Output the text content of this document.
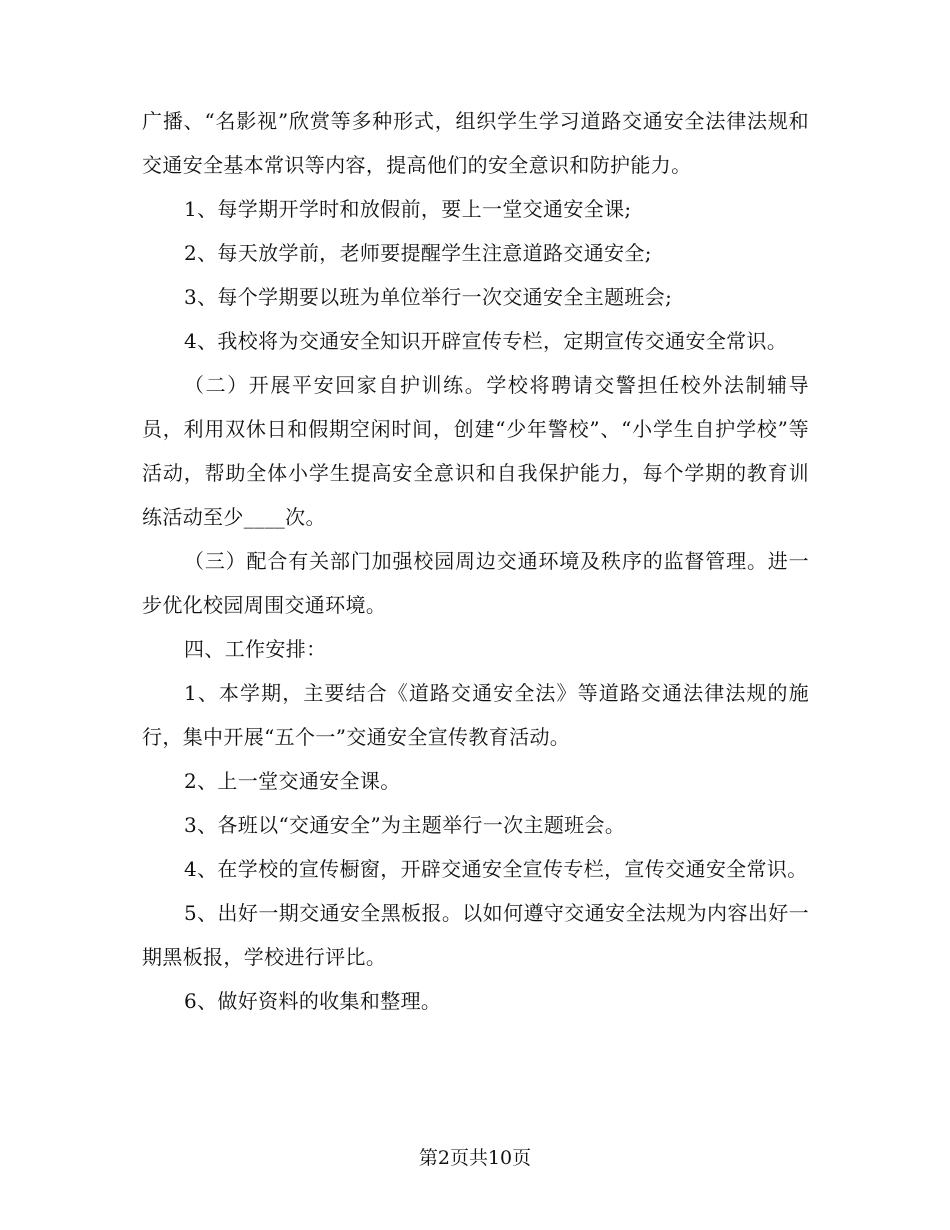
广播、“名影视”欣赏等多种形式，组织学生学习道路交通安全法律法规和交通安全基本常识等内容，提高他们的安全意识和防护能力。

1、每学期开学时和放假前，要上一堂交通安全课;

2、每天放学前，老师要提醒学生注意道路交通安全;

3、每个学期要以班为单位举行一次交通安全主题班会;

4、我校将为交通安全知识开辟宣传专栏，定期宣传交通安全常识。

（二）开展平安回家自护训练。学校将聘请交警担任校外法制辅导员，利用双休日和假期空闲时间，创建“少年警校”、“小学生自护学校”等活动，帮助全体小学生提高安全意识和自我保护能力，每个学期的教育训练活动至少____次。

（三）配合有关部门加强校园周边交通环境及秩序的监督管理。进一步优化校园周围交通环境。

四、工作安排：

1、本学期，主要结合《道路交通安全法》等道路交通法律法规的施行，集中开展“五个一”交通安全宣传教育活动。

2、上一堂交通安全课。

3、各班以“交通安全”为主题举行一次主题班会。

4、在学校的宣传橱窗，开辟交通安全宣传专栏，宣传交通安全常识。

5、出好一期交通安全黑板报。以如何遵守交通安全法规为内容出好一期黑板报，学校进行评比。

6、做好资料的收集和整理。

第2页共10页
